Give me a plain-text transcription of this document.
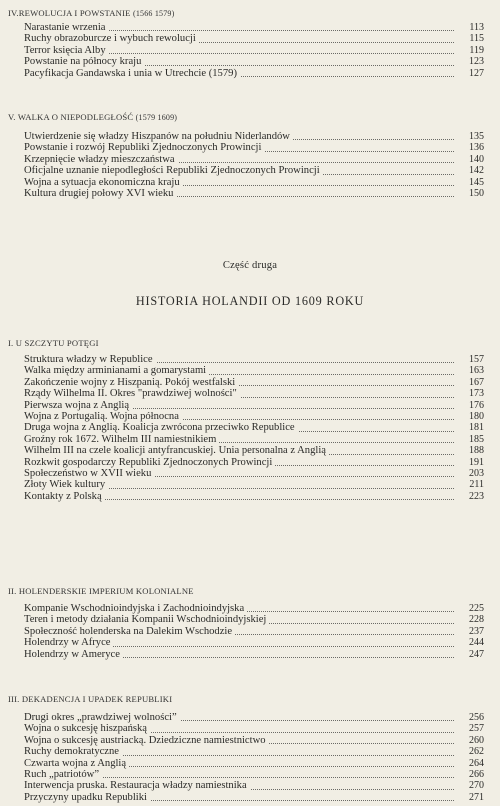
IV.REWOLUCJA I POWSTANIE (1566 1579)
Narastanie wrzenia	113
Ruchy obrazoburcze i wybuch rewolucji	115
Terror księcia Alby	119
Powstanie na północy kraju	123
Pacyfikacja Gandawska i unia w Utrechcie (1579)	127
V. WALKA O NIEPODLEGŁOŚĆ (1579 1609)
Utwierdzenie się władzy Hiszpanów na południu Niderlandów	135
Powstanie i rozwój Republiki Zjednoczonych Prowincji	136
Krzepnięcie władzy mieszczaństwa	140
Oficjalne uznanie niepodległości Republiki Zjednoczonych Prowincji	142
Wojna a sytuacja ekonomiczna kraju	145
Kultura drugiej połowy XVI wieku	150
Część druga
HISTORIA HOLANDII OD 1609 ROKU
I. U SZCZYTU POTĘGI
Struktura władzy w Republice	157
Walka między arminianami a gomarystami	163
Zakończenie wojny z Hiszpanią. Pokój westfalski	167
Rządy Wilhelma II. Okres "prawdziwej wolności"	173
Pierwsza wojna z Anglią	176
Wojna z Portugalią. Wojna północna	180
Druga wojna z Anglią. Koalicja zwrócona przeciwko Republice	181
Groźny rok 1672. Wilhelm III namiestnikiem	185
Wilhelm III na czele koalicji antyfrancuskiej. Unia personalna z Anglią	188
Rozkwit gospodarczy Republiki Zjednoczonych Prowincji	191
Społeczeństwo w XVII wieku	203
Złoty Wiek kultury	211
Kontakty z Polską	223
II. HOLENDERSKIE IMPERIUM KOLONIALNE
Kompanie Wschodnioindyjska i Zachodnioindyjska	225
Teren i metody działania Kompanii Wschodnioindyjskiej	228
Społeczność holenderska na Dalekim Wschodzie	237
Holendrzy w Afryce	244
Holendrzy w Ameryce	247
III. DEKADENCJA I UPADEK REPUBLIKI
Drugi okres „prawdziwej wolności”	256
Wojna o sukcesję hiszpańską	257
Wojna o sukcesję austriacką. Dziedziczne namiestnictwo	260
Ruchy demokratyczne	262
Czwarta wojna z Anglią	264
Ruch „patriotów”	266
Interwencja pruska. Restauracja władzy namiestnika	270
Przyczyny upadku Republiki	271
